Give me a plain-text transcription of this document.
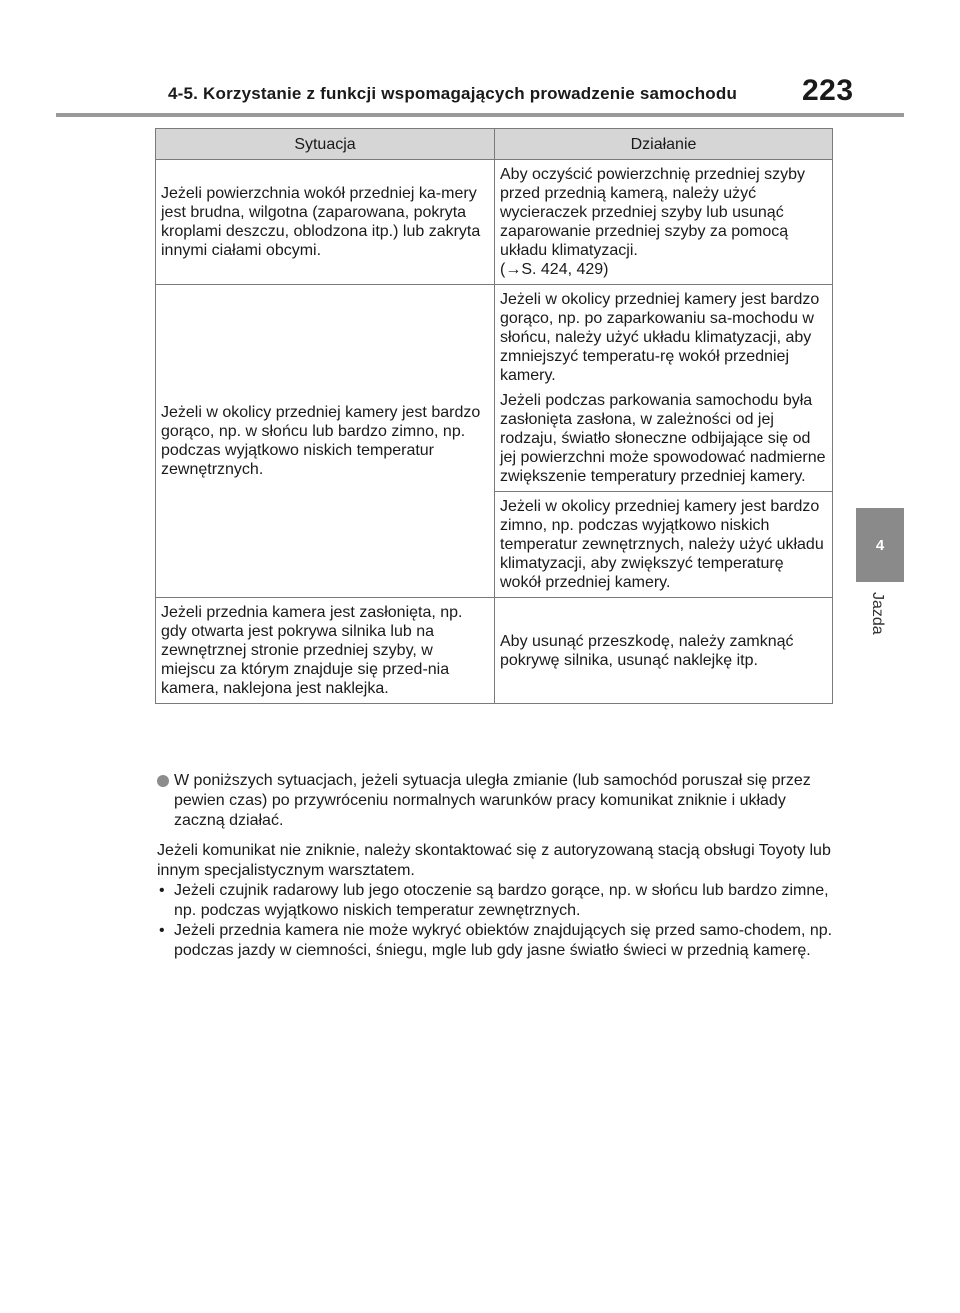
4-5. Korzystanie z funkcji wspomagających prowadzenie samochodu 223
4
Jazda
Sytuacja	Działanie
Jeżeli powierzchnia wokół przedniej ka-mery jest brudna, wilgotna (zaparowana, pokryta kroplami deszczu, oblodzona itp.) lub zakryta innymi ciałami obcymi.	Aby oczyścić powierzchnię przedniej szyby przed przednią kamerą, należy użyć wycieraczek przedniej szyby lub usunąć zaparowanie przedniej szyby za pomocą układu klimatyzacji.
(→S. 424, 429)

Jeżeli w okolicy przedniej kamery jest bardzo gorąco, np. w słońcu lub bardzo zimno, np. podczas wyjątkowo niskich temperatur zewnętrznych.	Jeżeli w okolicy przedniej kamery jest bardzo gorąco, np. po zaparkowaniu sa-mochodu w słońcu, należy użyć układu klimatyzacji, aby zmniejszyć temperatu-rę wokół przedniej kamery.
Jeżeli podczas parkowania samochodu była zasłonięta zasłona, w zależności od jej rodzaju, światło słoneczne odbijające się od jej powierzchni może spowodować nadmierne zwiększenie temperatury przedniej kamery.

	Jeżeli w okolicy przedniej kamery jest bardzo zimno, np. podczas wyjątkowo niskich temperatur zewnętrznych, należy użyć układu klimatyzacji, aby zwiększyć temperaturę wokół przedniej kamery.
Jeżeli przednia kamera jest zasłonięta, np. gdy otwarta jest pokrywa silnika lub na zewnętrznej stronie przedniej szyby, w miejscu za którym znajduje się przed-nia kamera, naklejona jest naklejka.	Aby usunąć przeszkodę, należy zamknąć pokrywę silnika, usunąć naklejkę itp.
W poniższych sytuacjach, jeżeli sytuacja uległa zmianie (lub samochód poruszał się przez pewien czas) po przywróceniu normalnych warunków pracy komunikat zniknie i układy zaczną działać.
Jeżeli komunikat nie zniknie, należy skontaktować się z autoryzowaną stacją obsługi Toyoty lub innym specjalistycznym warsztatem.
• Jeżeli czujnik radarowy lub jego otoczenie są bardzo gorące, np. w słońcu lub bardzo zimne, np. podczas wyjątkowo niskich temperatur zewnętrznych.
• Jeżeli przednia kamera nie może wykryć obiektów znajdujących się przed samo-chodem, np. podczas jazdy w ciemności, śniegu, mgle lub gdy jasne światło świeci w przednią kamerę.
